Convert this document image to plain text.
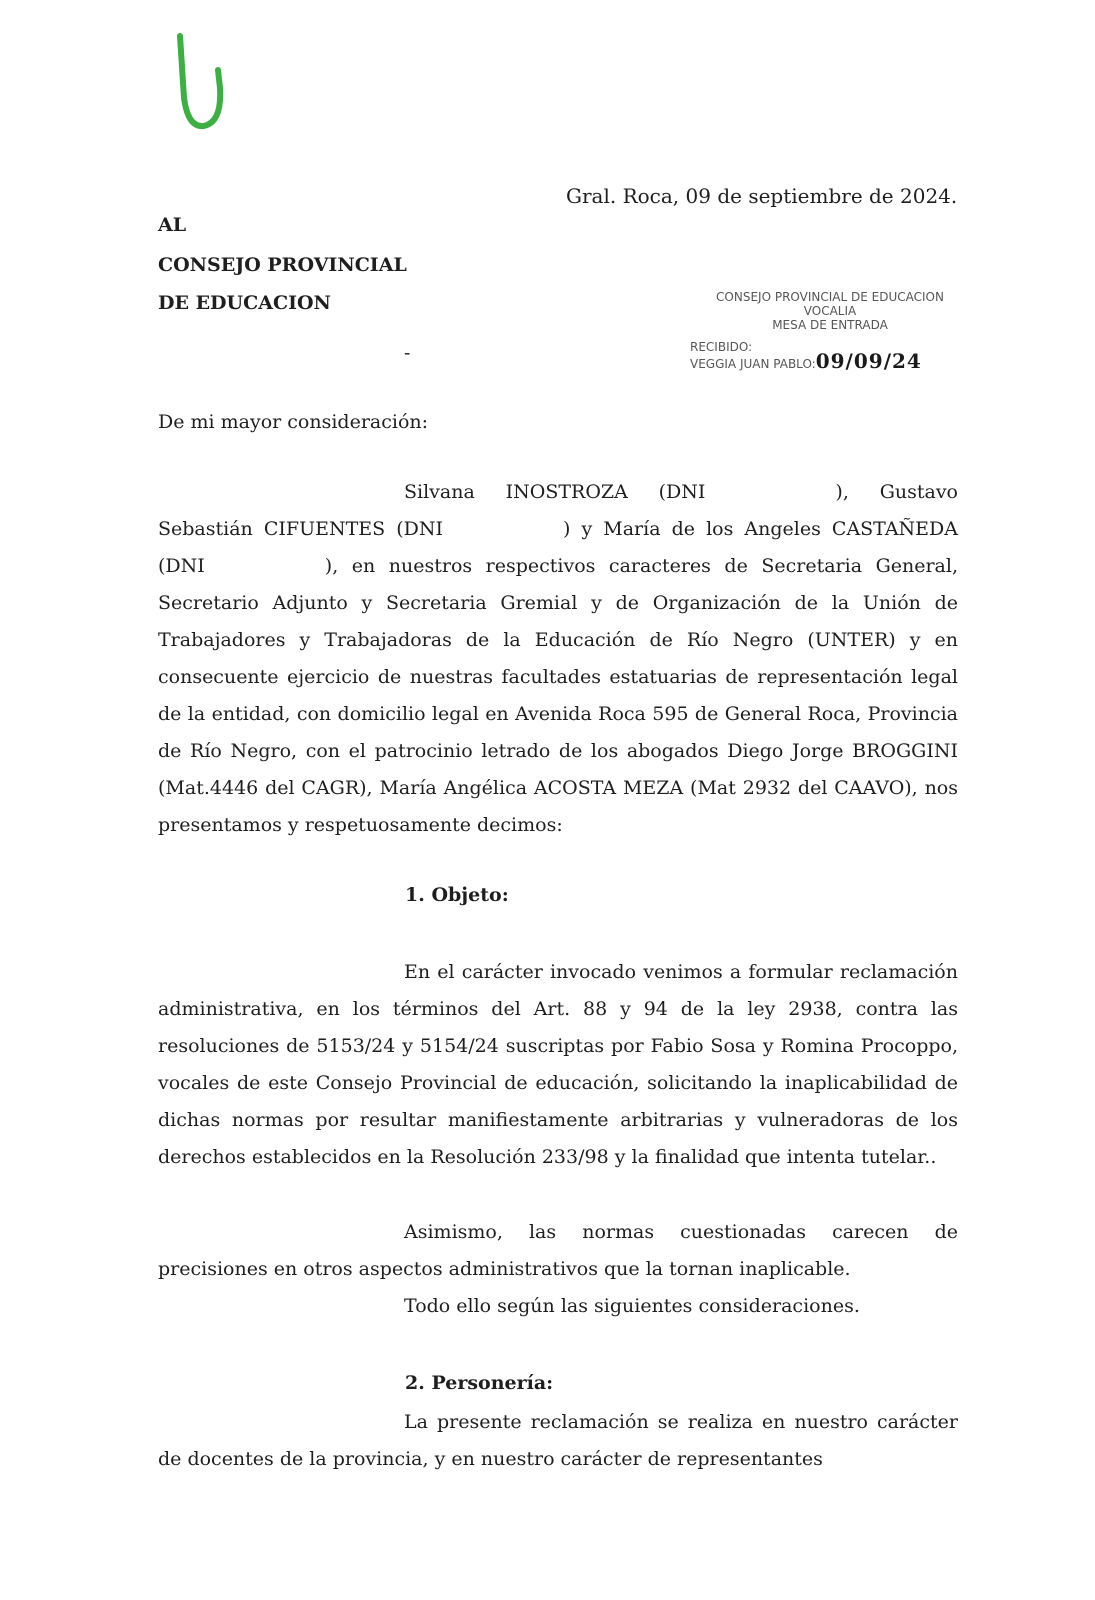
Gral. Roca, 09 de septiembre de 2024.
AL
CONSEJO PROVINCIAL
DE EDUCACION
-
CONSEJO PROVINCIAL DE EDUCACION
VOCALIA
MESA DE ENTRADA
RECIBIDO:
VEGGIA JUAN PABLO:09/09/24
De mi mayor consideración:
Silvana INOSTROZA (DNI	), Gustavo Sebastián CIFUENTES (DNI	) y María de los Angeles CASTAÑEDA (DNI	), en nuestros respectivos caracteres de Secretaria General, Secretario Adjunto y Secretaria Gremial y de Organización de la Unión de Trabajadores y Trabajadoras de la Educación de Río Negro (UNTER) y en consecuente ejercicio de nuestras facultades estatuarias de representación legal de la entidad, con domicilio legal en Avenida Roca 595 de General Roca, Provincia de Río Negro, con el patrocinio letrado de los abogados Diego Jorge BROGGINI (Mat.4446 del CAGR), María Angélica ACOSTA MEZA (Mat 2932 del CAAVO), nos presentamos y respetuosamente decimos:
1. Objeto:
En el carácter invocado venimos a formular reclamación administrativa, en los términos del Art. 88 y 94 de la ley 2938, contra las resoluciones de 5153/24 y 5154/24 suscriptas por Fabio Sosa y Romina Procoppo, vocales de este Consejo Provincial de educación, solicitando la inaplicabilidad de dichas normas por resultar manifiestamente arbitrarias y vulneradoras de los derechos establecidos en la Resolución 233/98 y la finalidad que intenta tutelar..
Asimismo, las normas cuestionadas carecen de precisiones en otros aspectos administrativos que la tornan inaplicable.
Todo ello según las siguientes consideraciones.
2. Personería:
La presente reclamación se realiza en nuestro carácter de docentes de la provincia, y en nuestro carácter de representantes
